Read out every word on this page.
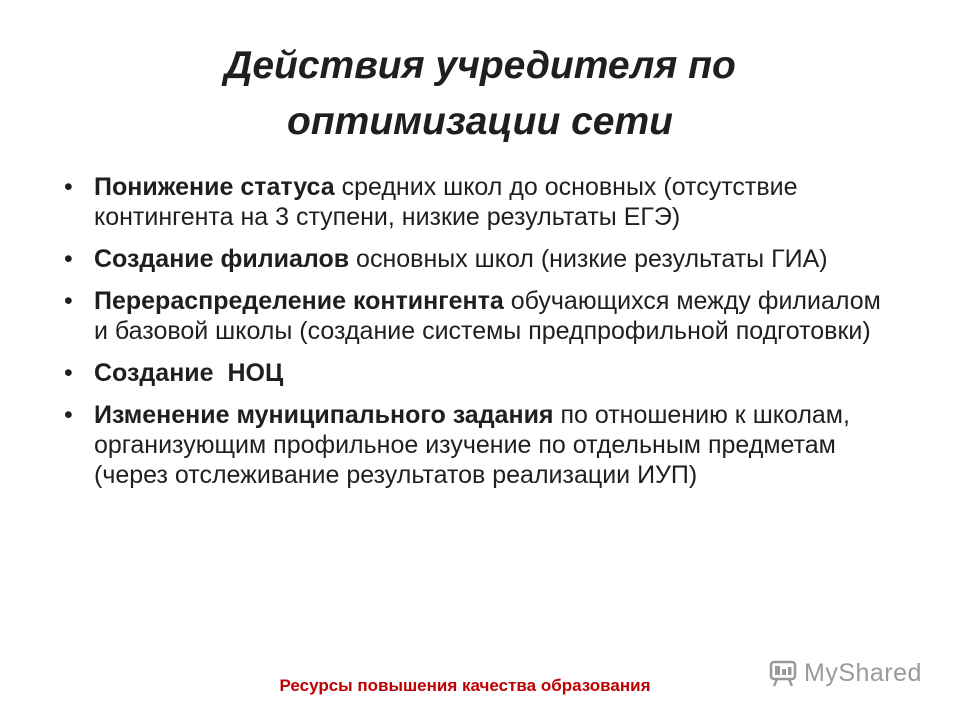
Действия учредителя по
оптимизации сети
• Понижение статуса средних школ до основных (отсутствие контингента на 3 ступени, низкие результаты ЕГЭ)
• Создание филиалов основных школ (низкие результаты ГИА)
• Перераспределение контингента обучающихся между филиалом и базовой школы (создание системы предпрофильной подготовки)
• Создание  НОЦ
• Изменение муниципального задания по отношению к школам, организующим профильное изучение по отдельным предметам (через отслеживание результатов реализации ИУП)
Ресурсы повышения качества образования	MyShared
